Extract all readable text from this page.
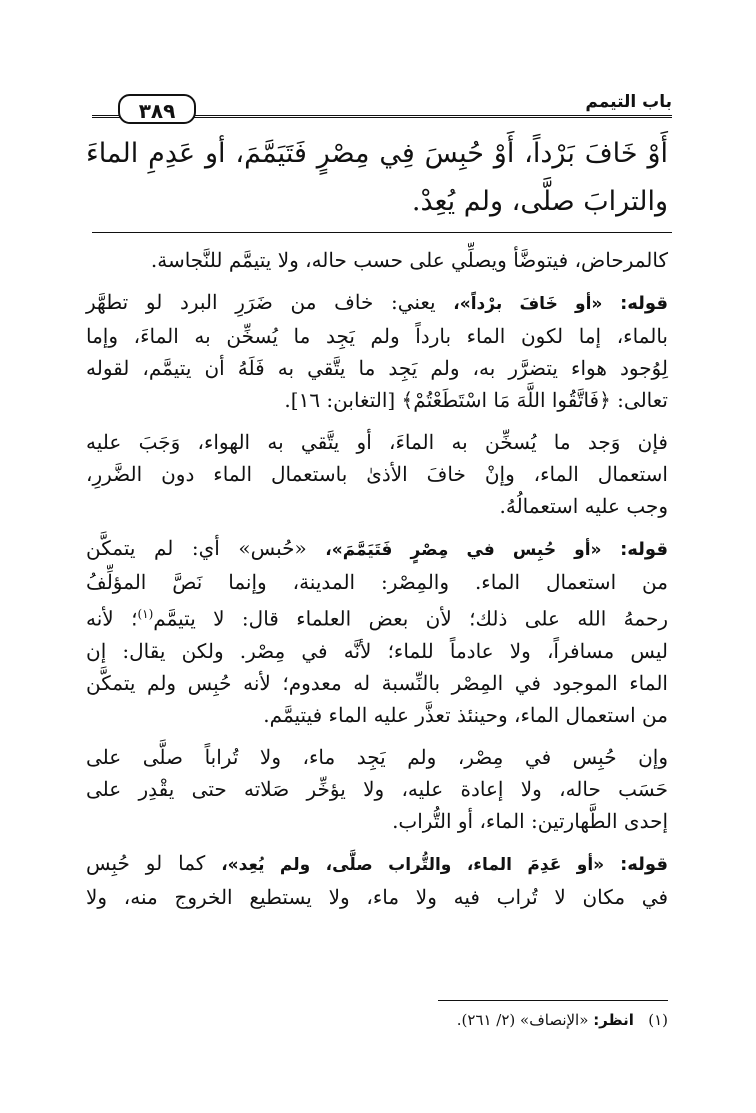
باب التيمم
٣٨٩
أَوْ خَافَ بَرْداً، أَوْ حُبِسَ فِي مِصْرٍ فَتَيَمَّمَ، أو عَدِمِ الماءَ
والترابَ صلَّى، ولم يُعِدْ.
كالمرحاض، فيتوضَّأ ويصلِّي على حسب حاله، ولا يتيمَّم للنَّجاسة.
قوله: «أو خَافَ برْداً»، يعني: خاف من ضَرَرِ البرد لو تطهَّر
بالماء، إما لكون الماء بارداً ولم يَجِد ما يُسخِّن به الماءَ، وإما
لِوُجود هواء يتضرَّر به، ولم يَجِد ما يتَّقي به فَلَهُ أن يتيمَّم، لقوله
تعالى: ﴿فَاتَّقُوا اللَّهَ مَا اسْتَطَعْتُمْ﴾ [التغابن: ١٦].
فإن وَجد ما يُسخِّن به الماءَ، أو يتَّقي به الهواء، وَجَبَ عليه
استعمال الماء، وإنْ خافَ الأذىٰ باستعمال الماء دون الضَّررِ،
وجب عليه استعمالُهُ.
قوله: «أو حُبِس في مِصْرٍ فَتَيَمَّمَ»، «حُبس» أي: لم يتمكَّن
من استعمال الماء. والمِصْر: المدينة، وإنما نَصَّ المؤلِّفُ
رحمهُ الله على ذلك؛ لأن بعض العلماء قال: لا يتيمَّم$^{(١)}$؛ لأنه
ليس مسافراً، ولا عادماً للماء؛ لأنَّه في مِصْر. ولكن يقال: إن
الماء الموجود في المِصْر بالنِّسبة له معدوم؛ لأنه حُبِس ولم يتمكَّن
من استعمال الماء، وحينئذ تعذَّر عليه الماء فيتيمَّم.
وإن حُبِس في مِصْر، ولم يَجِد ماء، ولا تُراباً صلَّى على
حَسَب حاله، ولا إعادة عليه، ولا يؤخِّر صَلاته حتى يقْدِر على
إحدى الطَّهارتين: الماء، أو التُّراب.
قوله: «أو عَدِمَ الماء، والتُّراب صلَّى، ولم يُعِد»، كما لو حُبِس
في مكان لا تُراب فيه ولا ماء، ولا يستطيع الخروج منه، ولا
(١)   انظر: «الإنصاف» (٢/ ٢٦١).
